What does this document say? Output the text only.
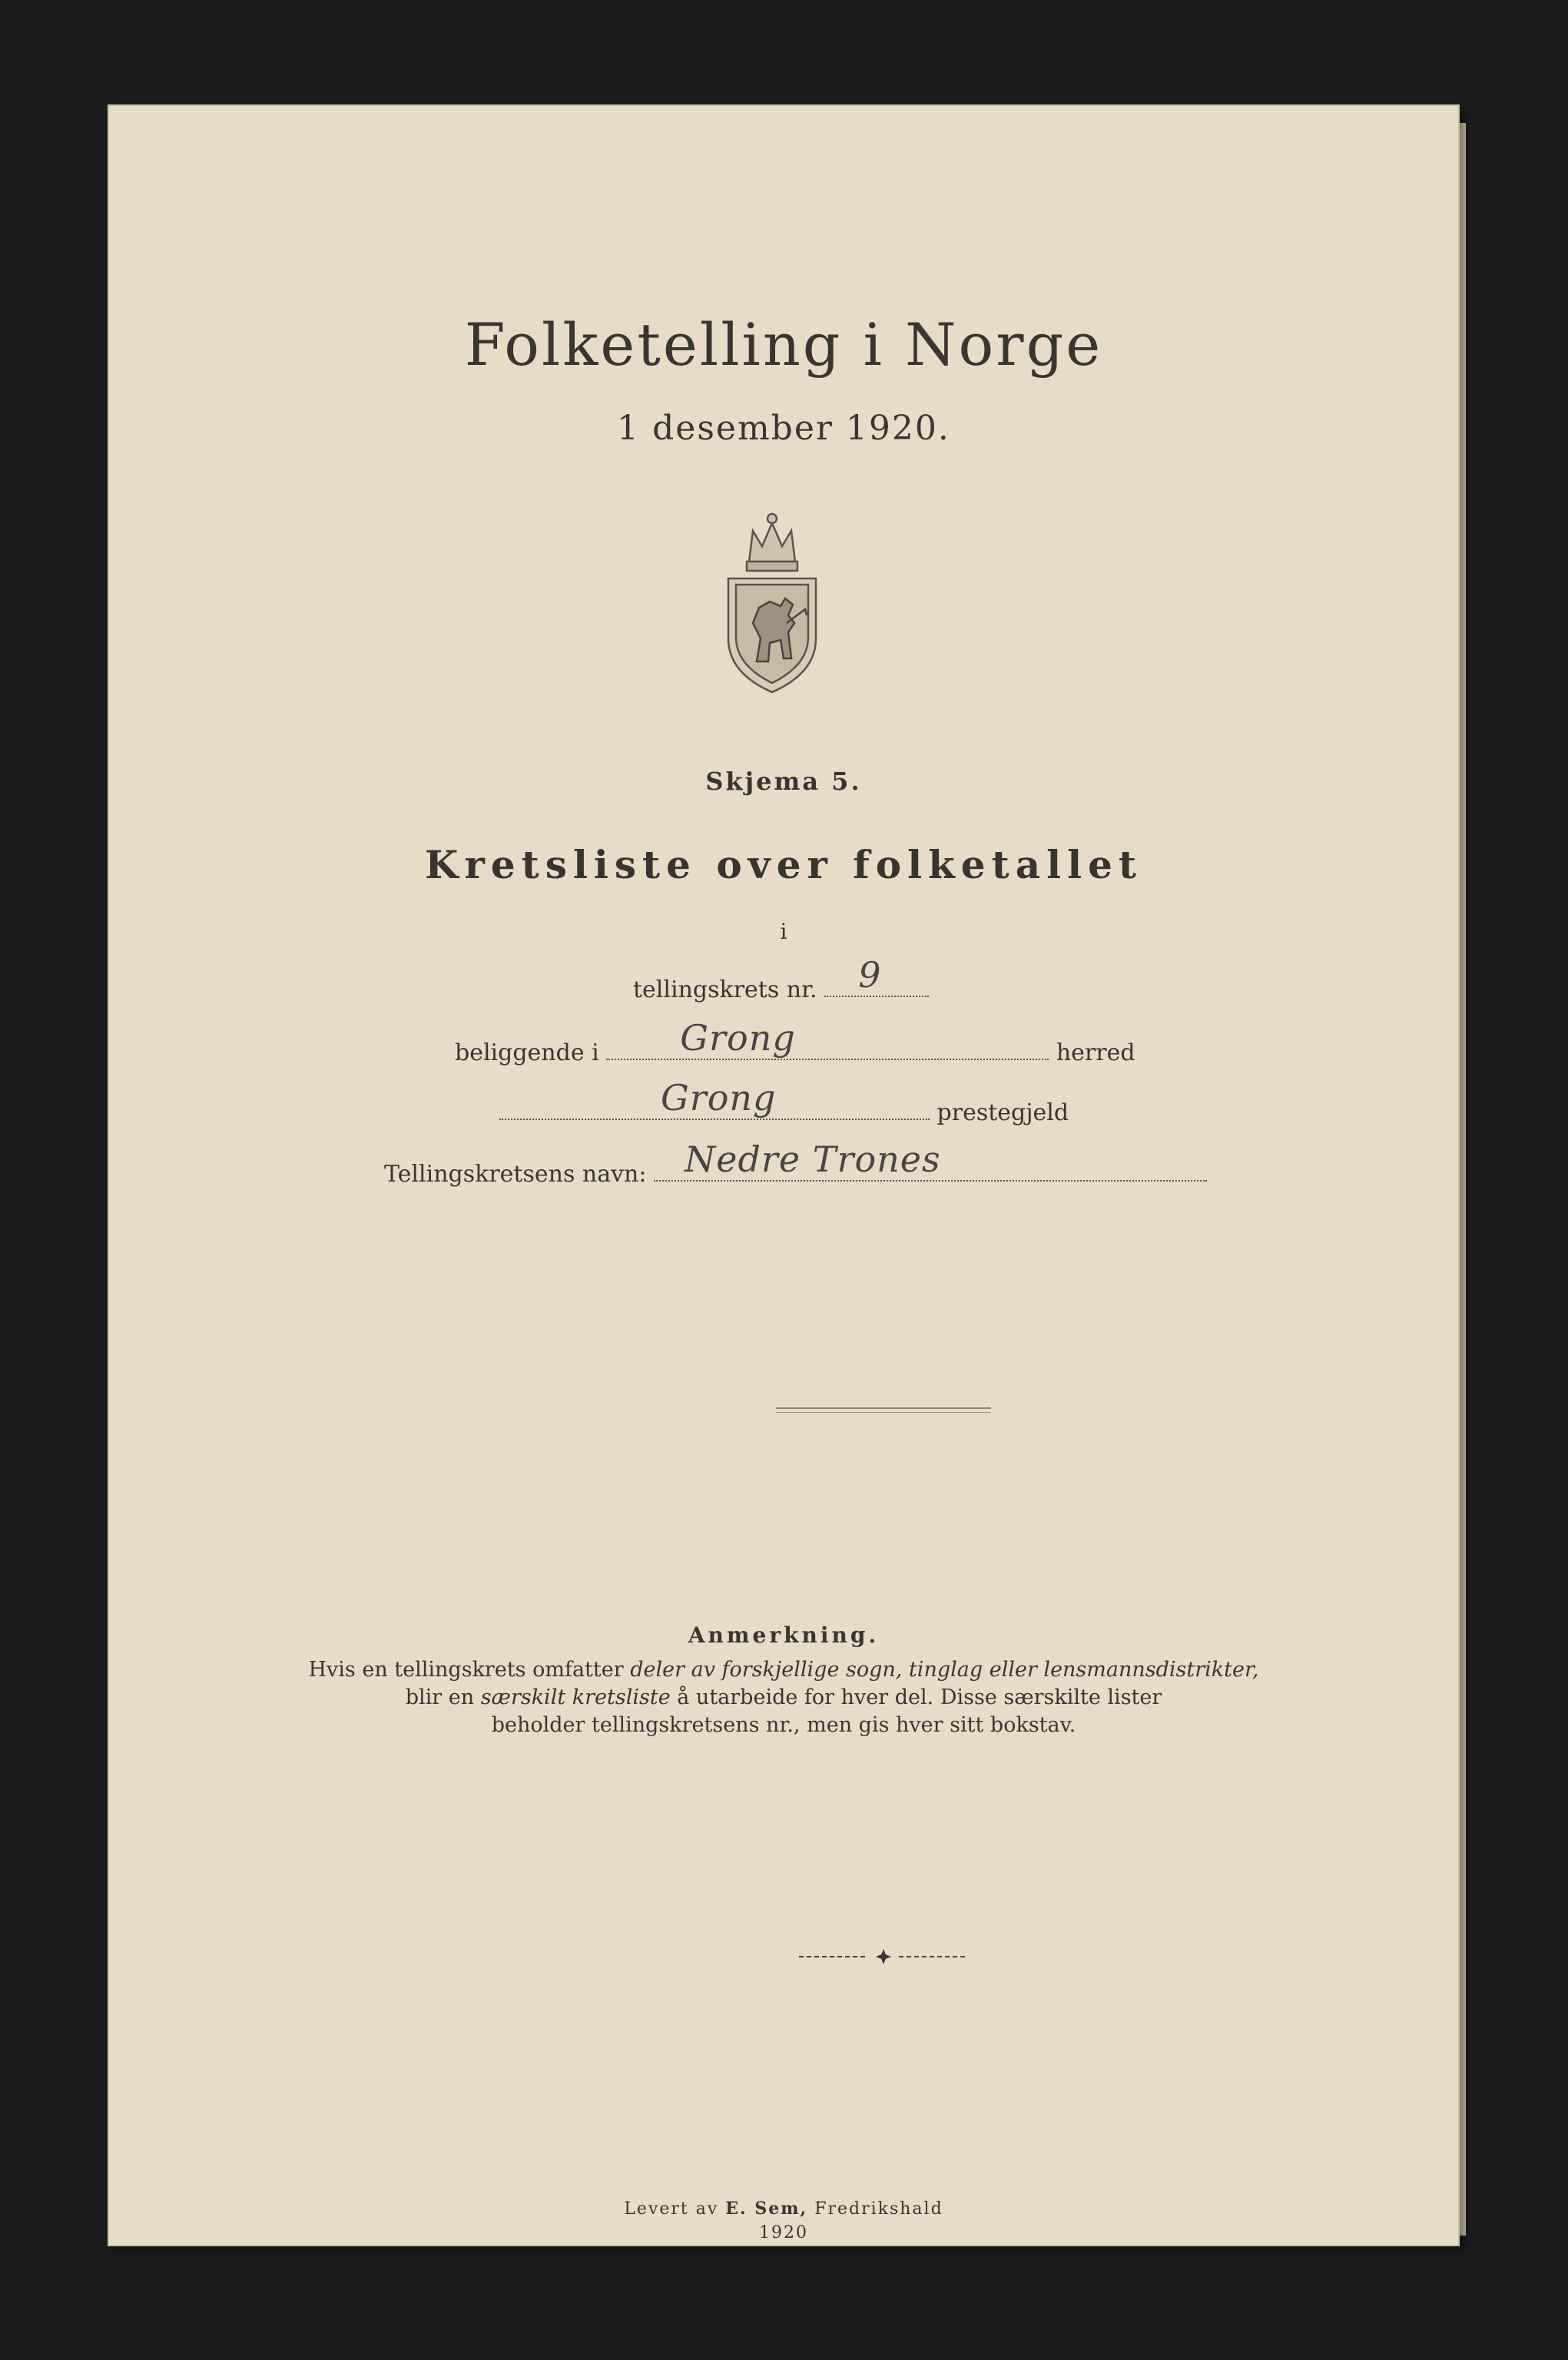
Folketelling i Norge
1 desember 1920.
Skjema 5.
Kretsliste over folketallet
i
tellingskrets nr. 9
beliggende i Grong	herred
Grong	prestegjeld
Tellingskretsens navn: Nedre Trones
Anmerkning.
Hvis en tellingskrets omfatter deler av forskjellige sogn, tinglag eller lensmannsdistrikter,
blir en særskilt kretsliste å utarbeide for hver del. Disse særskilte lister
beholder tellingskretsens nr., men gis hver sitt bokstav.
Levert av E. Sem, Fredrikshald
1920
